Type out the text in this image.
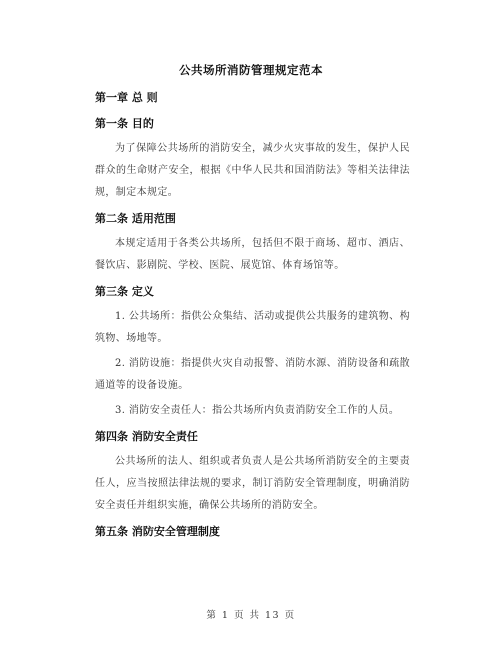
公共场所消防管理规定范本

第一章 总 则

第一条 目的

为了保障公共场所的消防安全，减少火灾事故的发生，保护人民群众的生命财产安全，根据《中华人民共和国消防法》等相关法律法规，制定本规定。

第二条 适用范围

本规定适用于各类公共场所，包括但不限于商场、超市、酒店、餐饮店、影剧院、学校、医院、展览馆、体育场馆等。

第三条 定义

1. 公共场所：指供公众集结、活动或提供公共服务的建筑物、构筑物、场地等。

2. 消防设施：指提供火灾自动报警、消防水源、消防设备和疏散通道等的设备设施。

3. 消防安全责任人：指公共场所内负责消防安全工作的人员。

第四条 消防安全责任

公共场所的法人、组织或者负责人是公共场所消防安全的主要责任人，应当按照法律法规的要求，制订消防安全管理制度，明确消防安全责任并组织实施，确保公共场所的消防安全。

第五条 消防安全管理制度

第 1 页 共 13 页
